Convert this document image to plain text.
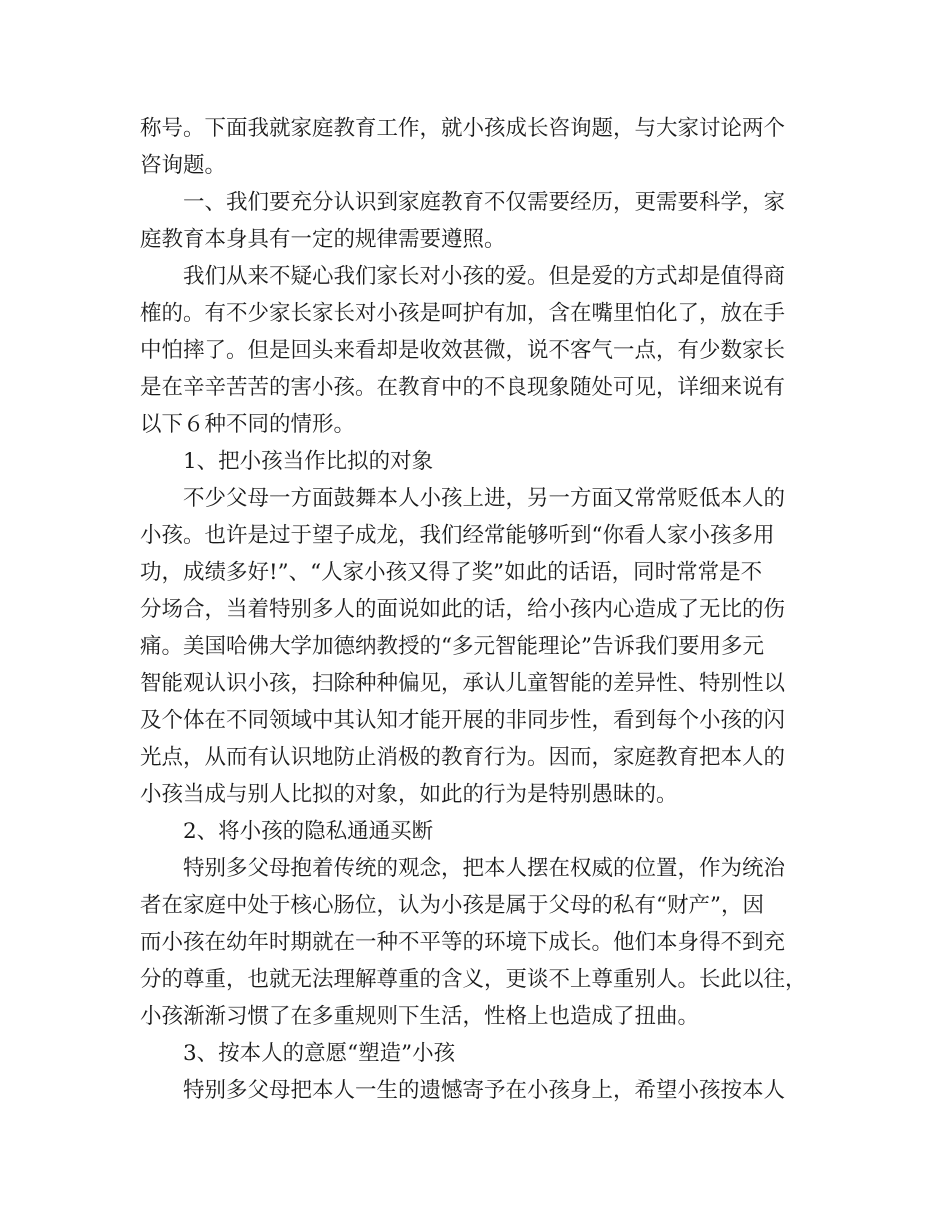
称号。下面我就家庭教育工作，就小孩成长咨询题，与大家讨论两个
咨询题。

一、我们要充分认识到家庭教育不仅需要经历，更需要科学，家
庭教育本身具有一定的规律需要遵照。

我们从来不疑心我们家长对小孩的爱。但是爱的方式却是值得商
榷的。有不少家长家长对小孩是呵护有加，含在嘴里怕化了，放在手
中怕摔了。但是回头来看却是收效甚微，说不客气一点，有少数家长
是在辛辛苦苦的害小孩。在教育中的不良现象随处可见，详细来说有
以下６种不同的情形。

1、把小孩当作比拟的对象

不少父母一方面鼓舞本人小孩上进，另一方面又常常贬低本人的
小孩。也许是过于望子成龙，我们经常能够听到“你看人家小孩多用
功，成绩多好!”、“人家小孩又得了奖”如此的话语，同时常常是不
分场合，当着特别多人的面说如此的话，给小孩内心造成了无比的伤
痛。美国哈佛大学加德纳教授的“多元智能理论”告诉我们要用多元
智能观认识小孩，扫除种种偏见，承认儿童智能的差异性、特别性以
及个体在不同领域中其认知才能开展的非同步性，看到每个小孩的闪
光点，从而有认识地防止消极的教育行为。因而，家庭教育把本人的
小孩当成与别人比拟的对象，如此的行为是特别愚昧的。

2、将小孩的隐私通通买断

特别多父母抱着传统的观念，把本人摆在权威的位置，作为统治
者在家庭中处于核心肠位，认为小孩是属于父母的私有“财产”，因
而小孩在幼年时期就在一种不平等的环境下成长。他们本身得不到充
分的尊重，也就无法理解尊重的含义，更谈不上尊重别人。长此以往，
小孩渐渐习惯了在多重规则下生活，性格上也造成了扭曲。

3、按本人的意愿“塑造”小孩

特别多父母把本人一生的遗憾寄予在小孩身上，希望小孩按本人
